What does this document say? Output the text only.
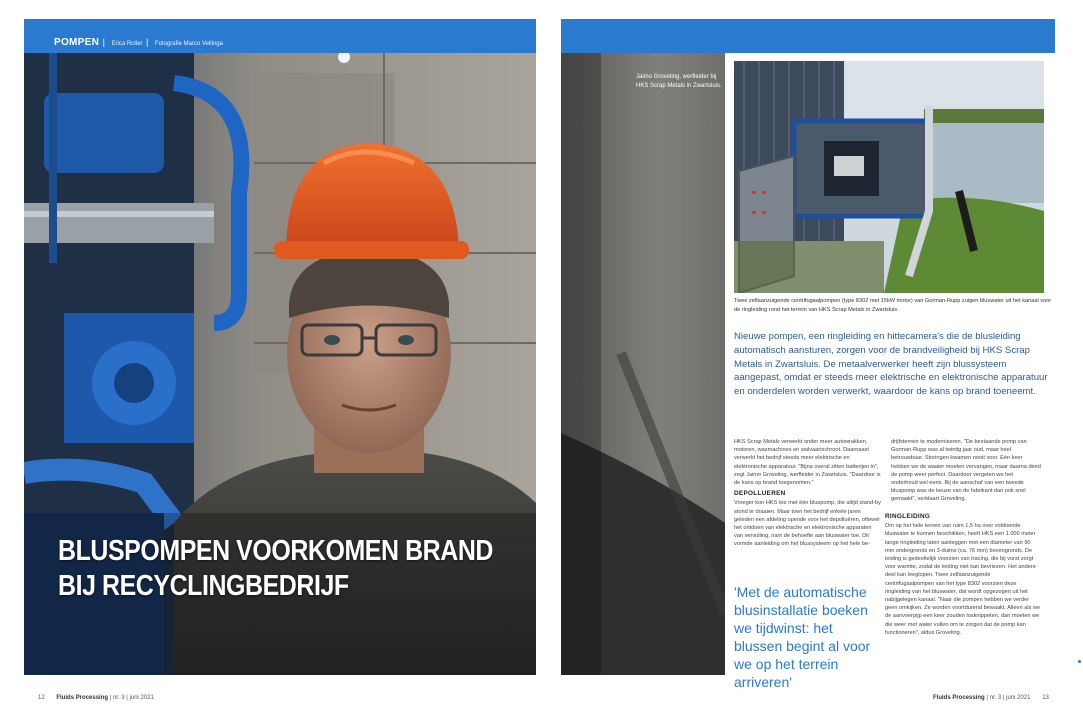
POMPEN | Erica Roller | Fotografie Marco Vellinga
BLUSPOMPEN VOORKOMEN BRAND
BIJ RECYCLINGBEDRIJF
12 Fluids Processing | nr. 3 | juni 2021
Jaimo Groveling, werfleider bij HKS Scrap Metals in Zwartsluis.
Twee zelfaanzuigende centrifugaalpompen (type 8302 met 15kW motor) van Gorman-Rupp zuigen bluswater uit het kanaal voor de ringleiding rond het terrein van HKS Scrap Metals in Zwartsluis.
Nieuwe pompen, een ringleiding en hittecamera's die de blusleiding automatisch aansturen, zorgen voor de brandveiligheid bij HKS Scrap Metals in Zwartsluis. De metaalverwerker heeft zijn blussysteem aangepast, omdat er steeds meer elektrische en elektronische apparatuur en onderdelen worden verwerkt, waardoor de kans op brand toeneemt.

HKS Scrap Metals verwerkt onder meer autowrakken, motoren, wasmachines en walvaartschroot. Daarnaast verwerkt het bedrijf steeds meer elektrische en elektronische apparatuur. "Bijna overal zitten batterijen in", zegt Jaimo Groveling, werfleider in Zwartsluis. "Daardoor is de kans op brand toegenomen."

DEPOLLUEREN

Vroeger kon HKS toe met één bluspomp, die altijd stand-by stond te draaien. Maar toen het bedrijf enkele jaren geleden een afdeling opende voor het depolluëren, oftewel het ontdoen van elektrische en elektronische apparaten van vervuiling, nam de behoefte aan bluswater toe. Dit vormde aanleiding om het blussysteem op het hele be-

drijfsterrein te moderniseren. "De bestaande pomp van Gorman-Rupp was al twintig jaar oud, maar heel betrouwbaar. Storingen kwamen nooit voor. Eén keer hebben we de waaier moeten vervangen, maar daarna deed de pomp weer perfect. Daardoor vergeten we het onderhoud wel eens. Bij de aanschaf van een tweede bluspomp was de keuze van de fabrikant dan ook snel gemaakt", verklaart Groveling.

RINGLEIDING

Om op het hele terrein van ruim 1,5 ha over voldoende bluswater te kunnen beschikken, heeft HKS een 1.000 meter lange ringleiding laten aanleggen met een diameter van 90 mm ondergronds en 3-duims (ca. 76 mm) bovengronds. De leiding is gedeeltelijk voorzien van tracing, die bij vorst zorgt voor warmte, zodat de leiding niet kan bevriezen. Het andere deel kan leeglopen. Twee zelfaanzuigende centrifugaalpompen van het type 8302 voorzien deze ringleiding van het bluswater, dat wordt opgezogen uit het nabijgelegen kanaal. "Naar die pompen hebben we verder geen omkijken. Ze worden voortdurend bewaakt. Alleen als we de aanvoerpijp een keer zouden losknippeten, dan moeten we die weer met water vullen om te zorgen dat de pomp kan functioneren", aldus Groveling.

'Met de automatische blusinstallatie boeken we tijdwinst: het blussen begint al voor we op het terrein arriveren'
Fluids Processing | nr. 3 | juni 2021 13
